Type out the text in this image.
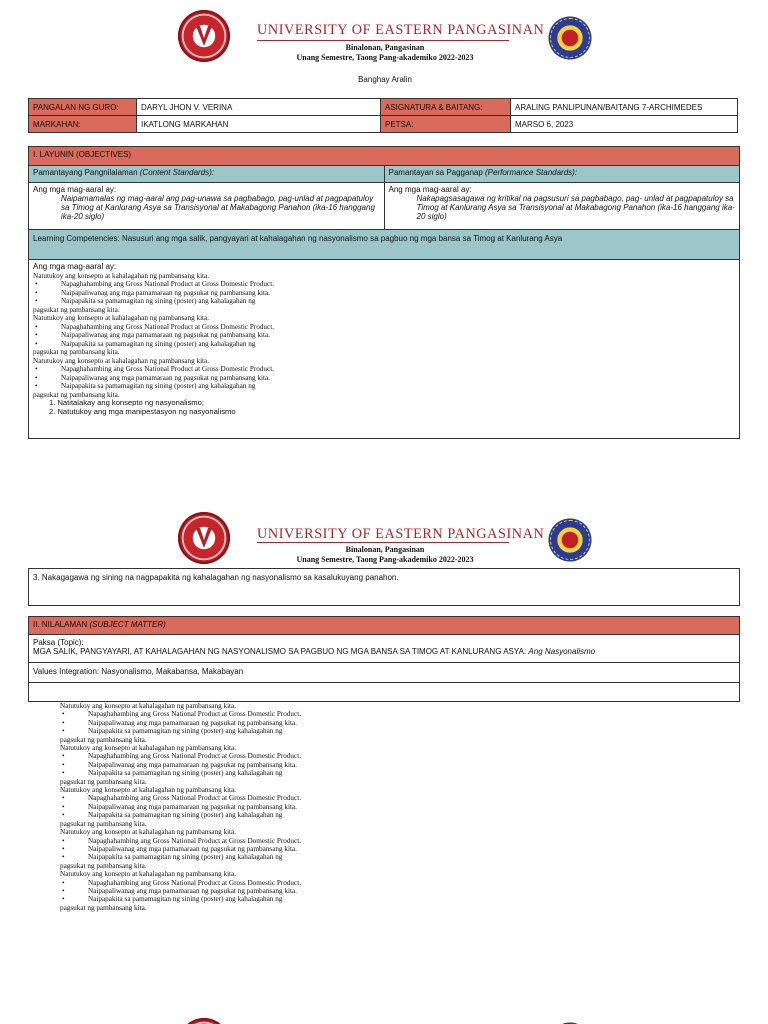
UNIVERSITY OF EASTERN PANGASINAN
Binalonan, Pangasinan
Unang Semestre, Taong Pang-akademiko 2022-2023
Banghay Aralin
PANGALAN NG GURO:	DARYL JHON V. VERINA	ASIGNATURA & BAITANG:	ARALING PANLIPUNAN/BAITANG 7-ARCHIMEDES
MARKAHAN:	IKATLONG MARKAHAN	PETSA:	MARSO 6, 2023
I. LAYUNIN (OBJECTIVES)
Pamantayang Pangnilalaman (Content Standards):	Pamantayan sa Pagganap (Performance Standards):
Ang mga mag-aaral ay:
Naipamamalas ng mag-aaral ang pag-unawa sa pagbabago, pag-unlad at pagpapatuloy sa Timog at Kanlurang Asya sa Transisyonal at Makabagong Panahon (ika-16 hanggang ika-20 siglo)
Ang mga mag-aaral ay:
Nakapagsasagawa ng kritikal na pagsusuri sa pagbabago, pag- unlad at pagpapatuloy sa Timog at Kanlurang Asya sa Transisyonal at Makabagong Panahon (ika-16 hanggang ika-20 siglo)
Learning Competencies: Nasusuri ang mga salik, pangyayari at kahalagahan ng nasyonalismo sa pagbuo ng mga bansa sa Timog at Kanlurang Asya
Ang mga mag-aaral ay:
Natutukoy ang konsepto at kahalagahan ng pambansang kita.
• Napaghahambing ang Gross National Product at Gross Domestic Product.
• Naipapaliwanag ang mga pamamaraan ng pagsukat ng pambansang kita.
• Naipapakita sa pamamagitan ng sining (poster) ang kahalagahan ng
pagsukat ng pambansang kita.
Natutukoy ang konsepto at kahalagahan ng pambansang kita.
• Napaghahambing ang Gross National Product at Gross Domestic Product.
• Naipapaliwanag ang mga pamamaraan ng pagsukat ng pambansang kita.
• Naipapakita sa pamamagitan ng sining (poster) ang kahalagahan ng
pagsukat ng pambansang kita.
Natutukoy ang konsepto at kahalagahan ng pambansang kita.
• Napaghahambing ang Gross National Product at Gross Domestic Product.
• Naipapaliwanag ang mga pamamaraan ng pagsukat ng pambansang kita.
• Naipapakita sa pamamagitan ng sining (poster) ang kahalagahan ng
pagsukat ng pambansang kita.
1. Natitalakay ang konsepto ng nasyonalismo;
2. Natutukoy ang mga manipestasyon ng nasyonalismo
UNIVERSITY OF EASTERN PANGASINAN
Binalonan, Pangasinan
Unang Semestre, Taong Pang-akademiko 2022-2023
3. Nakagagawa ng sining na nagpapakita ng kahalagahan ng nasyonalismo sa kasalukuyang panahon.
II. NILALAMAN (SUBJECT MATTER)
Paksa (Topic):
MGA SALIK, PANGYAYARI, AT KAHALAGAHAN NG NASYONALISMO SA PAGBUO NG MGA BANSA SA TIMOG AT KANLURANG ASYA: Ang Nasyonalismo
Values Integration: Nasyonalismo, Makabansa, Makabayan
Natutukoy ang konsepto at kahalagahan ng pambansang kita.
• Napaghahambing ang Gross National Product at Gross Domestic Product.
• Naipapaliwanag ang mga pamamaraan ng pagsukat ng pambansang kita.
• Naipapakita sa pamamagitan ng sining (poster) ang kahalagahan ng
pagsukat ng pambansang kita.
Natutukoy ang konsepto at kahalagahan ng pambansang kita.
• Napaghahambing ang Gross National Product at Gross Domestic Product.
• Naipapaliwanag ang mga pamamaraan ng pagsukat ng pambansang kita.
• Naipapakita sa pamamagitan ng sining (poster) ang kahalagahan ng
pagsukat ng pambansang kita.
Natutukoy ang konsepto at kahalagahan ng pambansang kita.
• Napaghahambing ang Gross National Product at Gross Domestic Product.
• Naipapaliwanag ang mga pamamaraan ng pagsukat ng pambansang kita.
• Naipapakita sa pamamagitan ng sining (poster) ang kahalagahan ng
pagsukat ng pambansang kita.
Natutukoy ang konsepto at kahalagahan ng pambansang kita.
• Napaghahambing ang Gross National Product at Gross Domestic Product.
• Naipapaliwanag ang mga pamamaraan ng pagsukat ng pambansang kita.
• Naipapakita sa pamamagitan ng sining (poster) ang kahalagahan ng
pagsukat ng pambansang kita.
Natutukoy ang konsepto at kahalagahan ng pambansang kita.
• Napaghahambing ang Gross National Product at Gross Domestic Product.
• Naipapaliwanag ang mga pamamaraan ng pagsukat ng pambansang kita.
• Naipapakita sa pamamagitan ng sining (poster) ang kahalagahan ng
pagsukat ng pambansang kita.
